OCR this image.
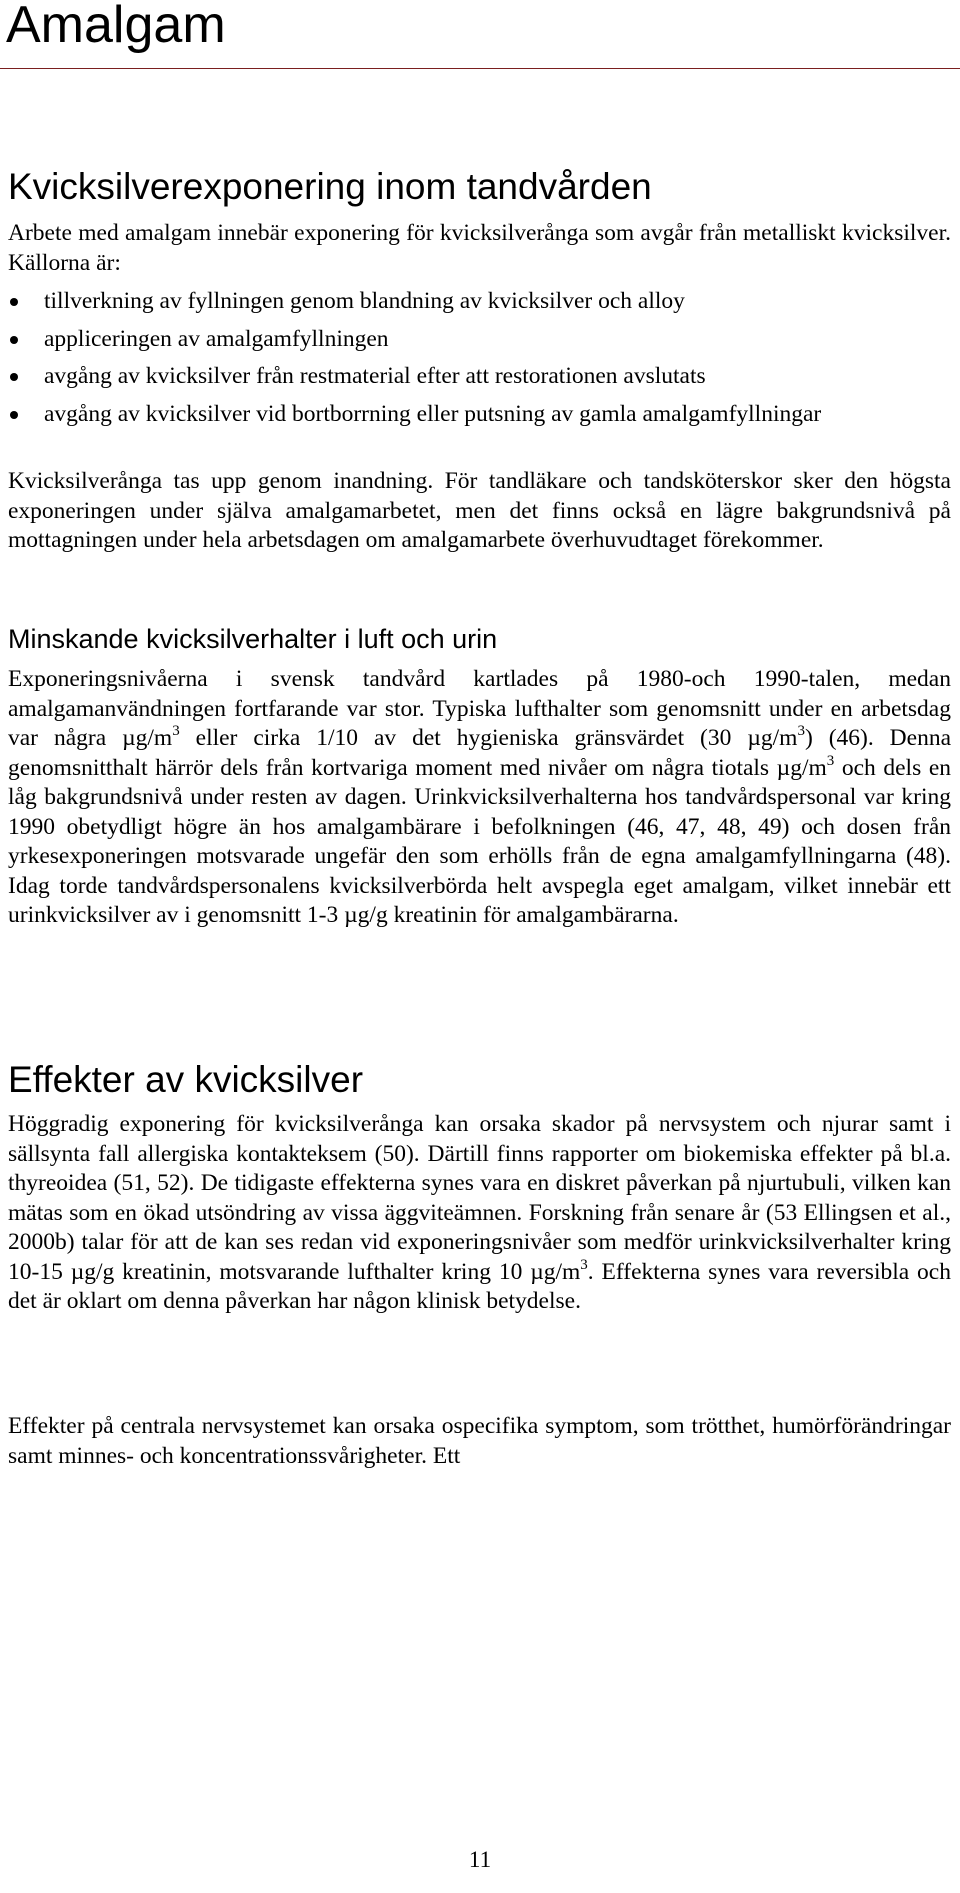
Amalgam
Kvicksilverexponering inom tandvården

Arbete med amalgam innebär exponering för kvicksilverånga som avgår från metalliskt kvicksilver. Källorna är:

tillverkning av fyllningen genom blandning av kvicksilver och alloy
appliceringen av amalgamfyllningen
avgång av kvicksilver från restmaterial efter att restorationen avslutats
avgång av kvicksilver vid bortborrning eller putsning av gamla amalgamfyllningar

Kvicksilverånga tas upp genom inandning. För tandläkare och tandsköterskor sker den högsta exponeringen under själva amalgamarbetet, men det finns också en lägre bakgrundsnivå på mottagningen under hela arbetsdagen om amalgamarbete överhuvudtaget förekommer.

Minskande kvicksilverhalter i luft och urin

Exponeringsnivåerna i svensk tandvård kartlades på 1980-och 1990-talen, medan amalgamanvändningen fortfarande var stor. Typiska lufthalter som genomsnitt under en arbetsdag var några $\mu g/m^3$ eller cirka 1/10 av det hygieniska gränsvärdet (30 $\mu g/m^3$) (46). Denna genomsnitthalt härrör dels från kortvariga moment med nivåer om några tiotals $\mu g/m^3$ och dels en låg bakgrundsnivå under resten av dagen. Urinkvicksilverhalterna hos tandvårdspersonal var kring 1990 obetydligt högre än hos amalgambärare i befolkningen (46, 47, 48, 49) och dosen från yrkesexponeringen motsvarade ungefär den som erhölls från de egna amalgamfyllningarna (48). Idag torde tandvårdspersonalens kvicksilverbörda helt avspegla eget amalgam, vilket innebär ett urinkvicksilver av i genomsnitt 1-3 µg/g kreatinin för amalgambärarna.

Effekter av kvicksilver

Höggradig exponering för kvicksilverånga kan orsaka skador på nervsystem och njurar samt i sällsynta fall allergiska kontakteksem (50). Därtill finns rapporter om biokemiska effekter på bl.a. thyreoidea (51, 52). De tidigaste effekterna synes vara en diskret påverkan på njurtubuli, vilken kan mätas som en ökad utsöndring av vissa äggviteämnen. Forskning från senare år (53 Ellingsen et al., 2000b) talar för att de kan ses redan vid exponeringsnivåer som medför urinkvicksilverhalter kring 10-15 µg/g kreatinin, motsvarande lufthalter kring 10 $\mu g/m^3$. Effekterna synes vara reversibla och det är oklart om denna påverkan har någon klinisk betydelse.

Effekter på centrala nervsystemet kan orsaka ospecifika symptom, som trötthet, humörförändringar samt minnes- och koncentrationssvårigheter. Ett

11
